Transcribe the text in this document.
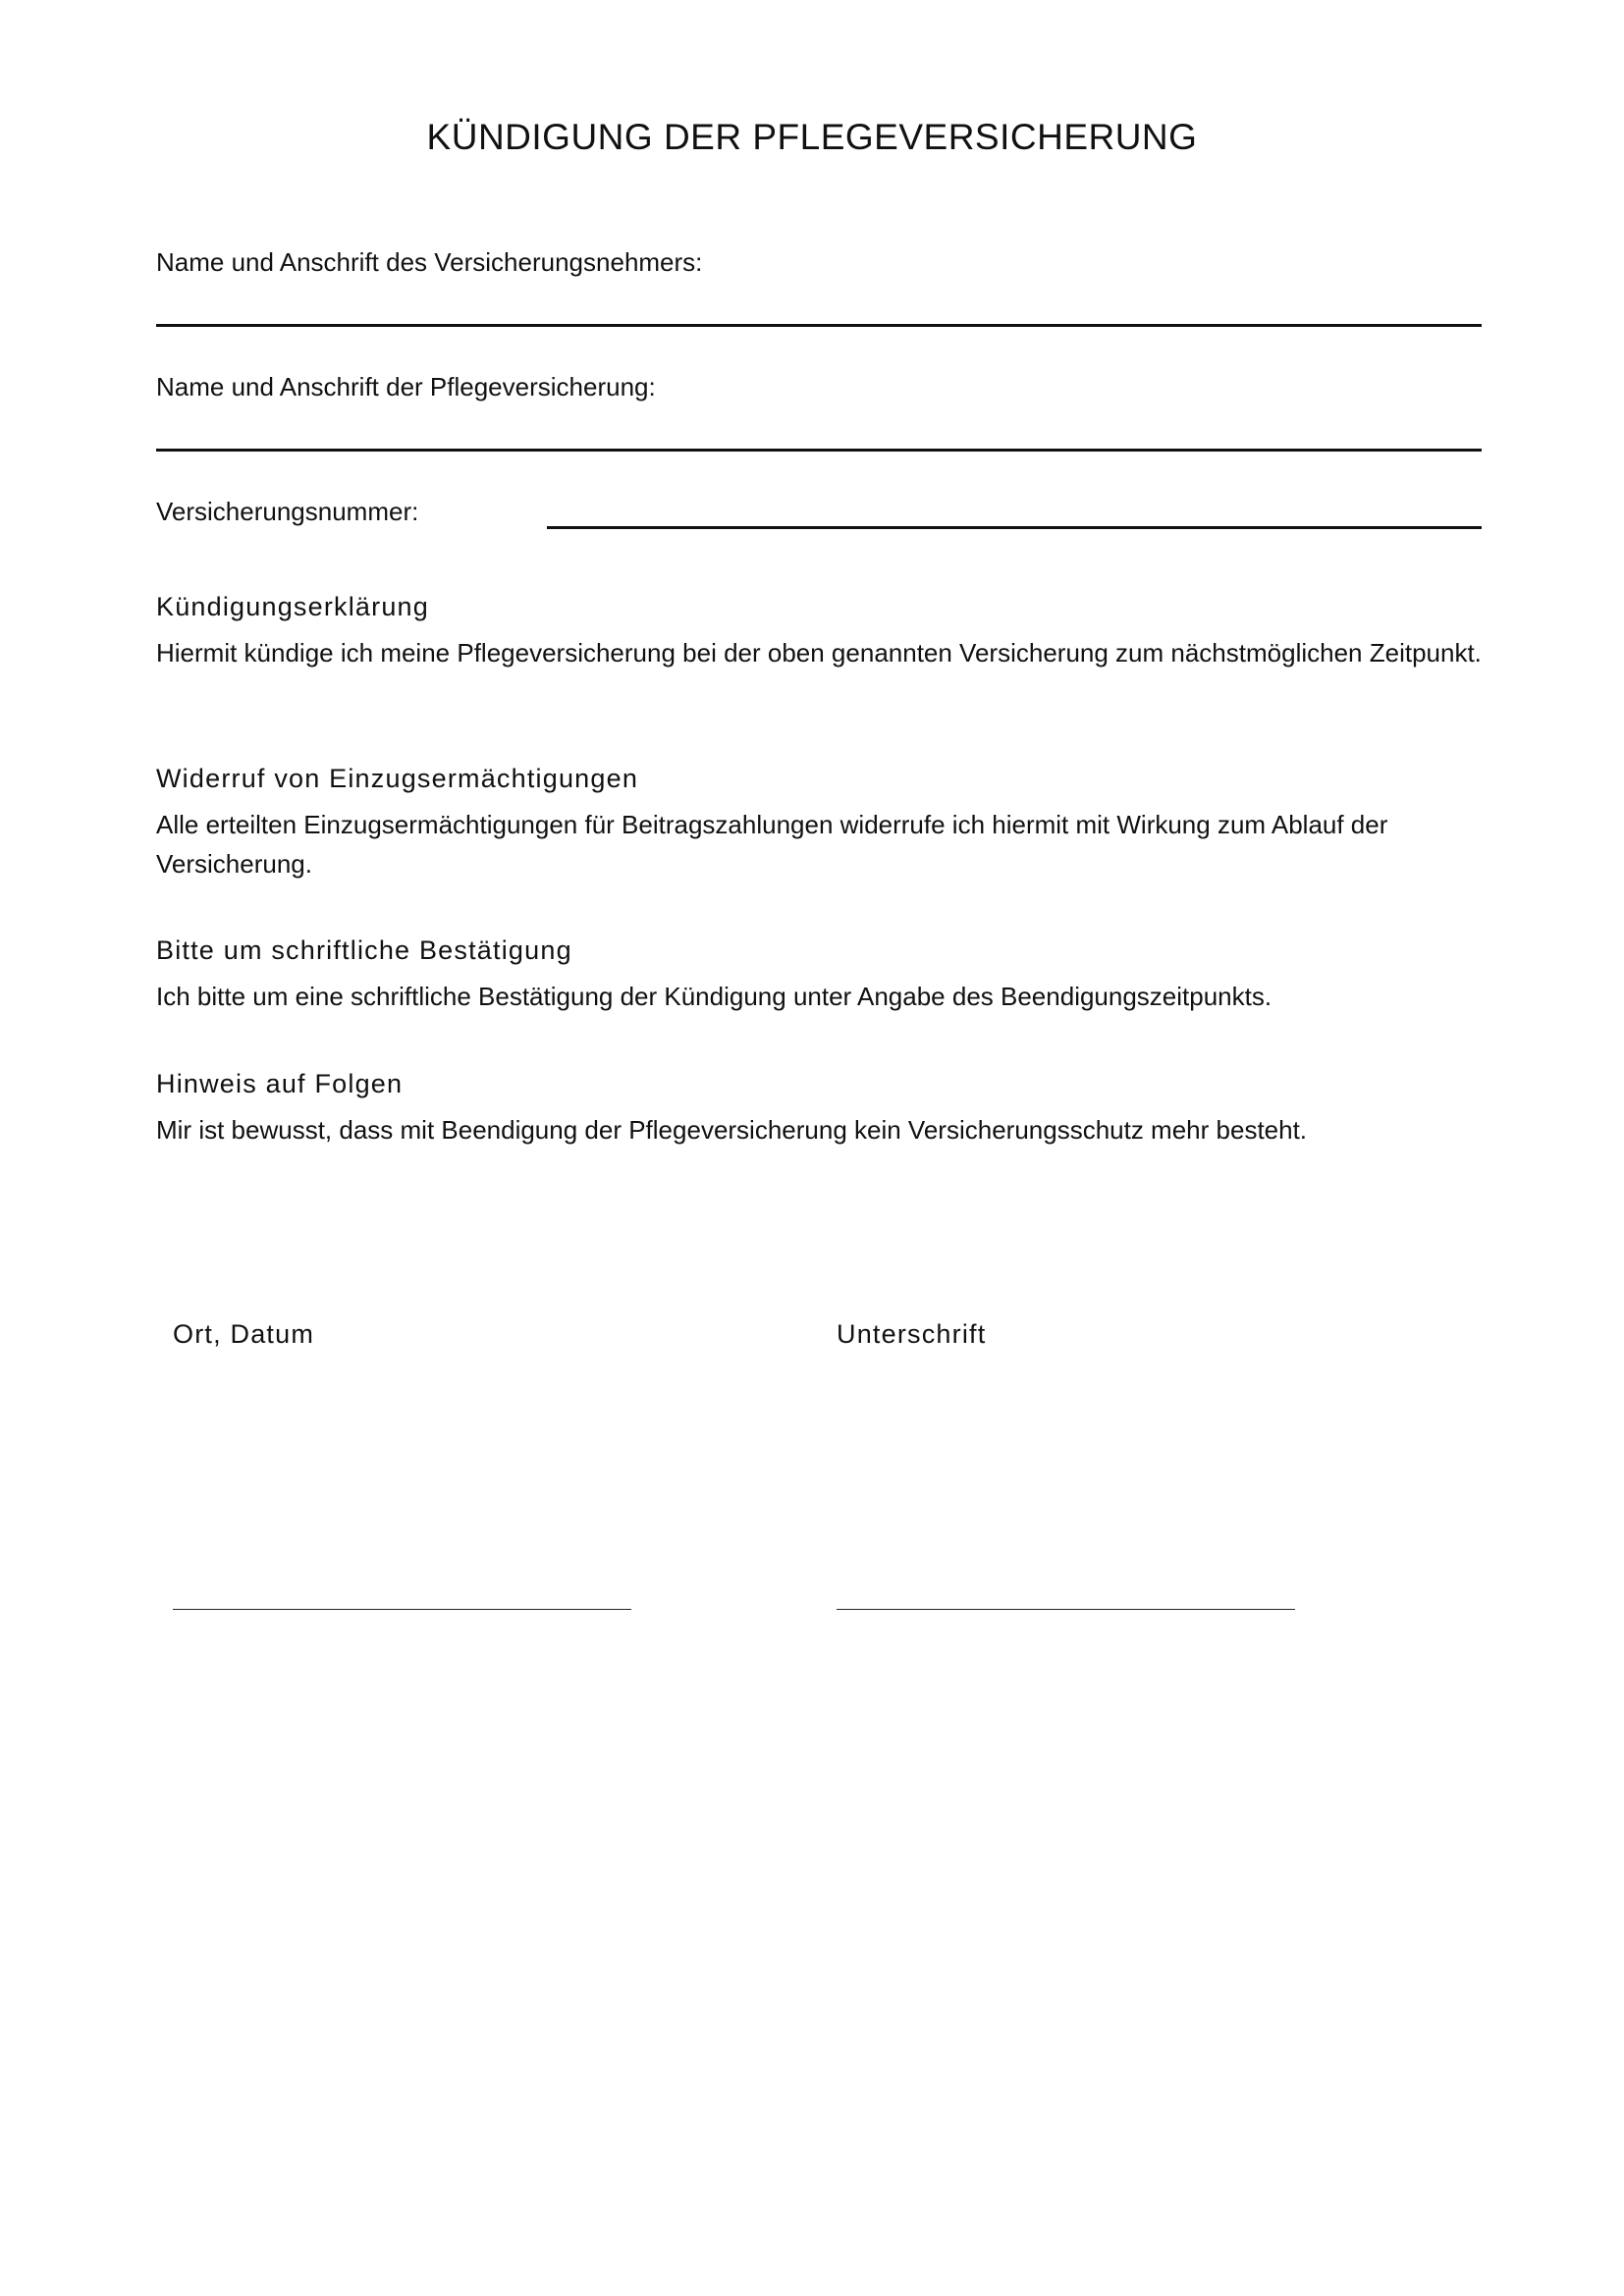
KÜNDIGUNG DER PFLEGEVERSICHERUNG
Name und Anschrift des Versicherungsnehmers:
Name und Anschrift der Pflegeversicherung:
Versicherungsnummer:
Kündigungserklärung

Hiermit kündige ich meine Pflegeversicherung bei der oben genannten Versicherung zum nächstmöglichen Zeitpunkt.

Widerruf von Einzugsermächtigungen

Alle erteilten Einzugsermächtigungen für Beitragszahlungen widerrufe ich hiermit mit Wirkung zum Ablauf der Versicherung.

Bitte um schriftliche Bestätigung

Ich bitte um eine schriftliche Bestätigung der Kündigung unter Angabe des Beendigungszeitpunkts.

Hinweis auf Folgen

Mir ist bewusst, dass mit Beendigung der Pflegeversicherung kein Versicherungsschutz mehr besteht.

Ort, Datum	Unterschrift
